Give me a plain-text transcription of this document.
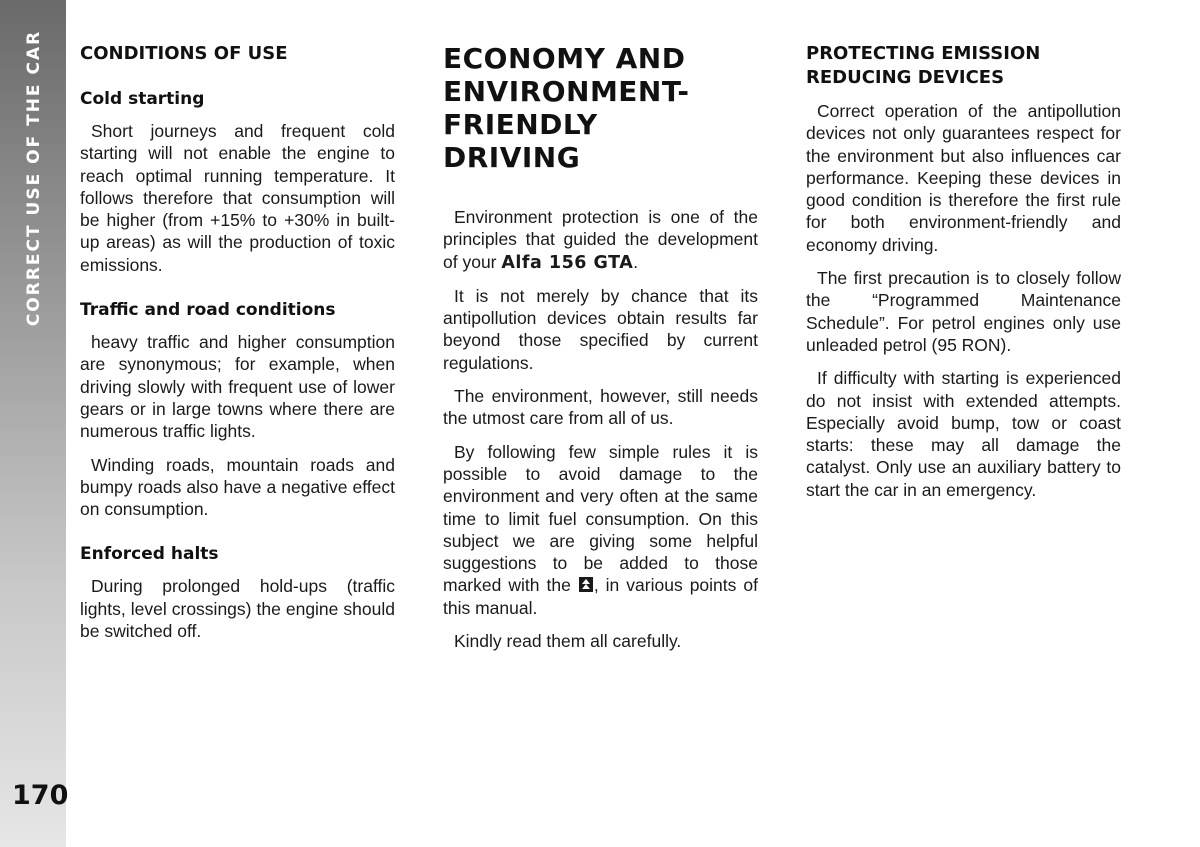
CORRECT USE OF THE CAR
170
CONDITIONS OF USE
Cold starting

Short journeys and frequent cold starting will not enable the engine to reach optimal running temperature. It follows therefore that consumption will be higher (from +15% to +30% in built-up areas) as will the production of toxic emissions.

Traffic and road conditions

heavy traffic and higher consumption are synonymous; for example, when driving slowly with frequent use of lower gears or in large towns where there are numerous traffic lights.

Winding roads, mountain roads and bumpy roads also have a negative effect on consumption.

Enforced halts

During prolonged hold-ups (traffic lights, level crossings) the engine should be switched off.

ECONOMY AND
ENVIRONMENT-
FRIENDLY
DRIVING

Environment protection is one of the principles that guided the development of your Alfa 156 GTA.

It is not merely by chance that its antipollution devices obtain results far beyond those specified by current regulations.

The environment, however, still needs the utmost care from all of us.

By following few simple rules it is possible to avoid damage to the environment and very often at the same time to limit fuel consumption. On this subject we are giving some helpful suggestions to be added to those marked with the , in various points of this manual.

Kindly read them all carefully.

PROTECTING EMISSION
REDUCING DEVICES

Correct operation of the antipollution devices not only guarantees respect for the environment but also influences car performance. Keeping these devices in good condition is therefore the first rule for both environment-friendly and economy driving.

The first precaution is to closely follow the “Programmed Maintenance Schedule”. For petrol engines only use unleaded petrol (95 RON).

If difficulty with starting is experienced do not insist with extended attempts. Especially avoid bump, tow or coast starts: these may all damage the catalyst. Only use an auxiliary battery to start the car in an emergency.
